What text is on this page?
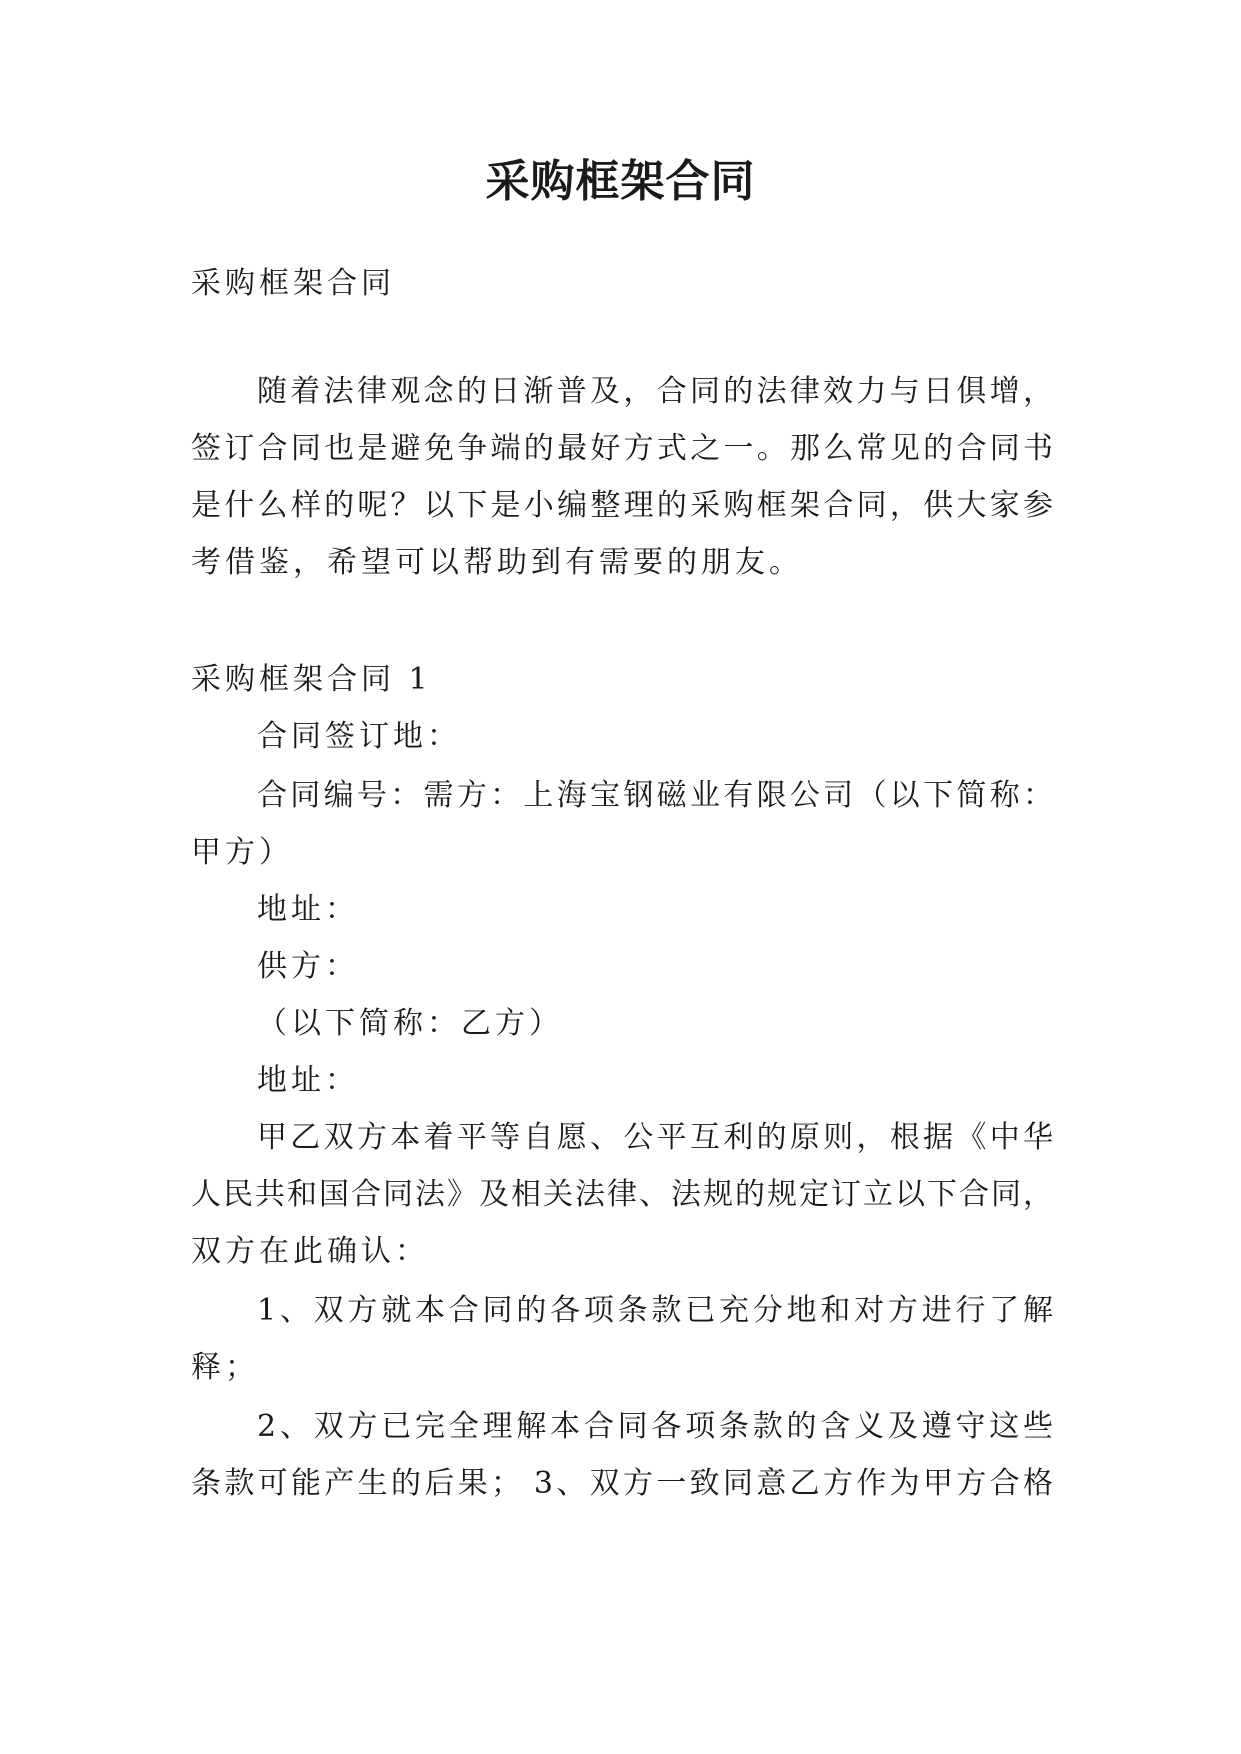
采购框架合同
采购框架合同
随着法律观念的日渐普及，合同的法律效力与日俱增，
签订合同也是避免争端的最好方式之一。那么常见的合同书
是什么样的呢？以下是小编整理的采购框架合同，供大家参
考借鉴，希望可以帮助到有需要的朋友。
采购框架合同 1
合同签订地：
合同编号：需方：上海宝钢磁业有限公司（以下简称：
甲方）
地址：
供方：
（以下简称：乙方）
地址：
甲乙双方本着平等自愿、公平互利的原则，根据《中华
人民共和国合同法》及相关法律、法规的规定订立以下合同，
双方在此确认：
1、双方就本合同的各项条款已充分地和对方进行了解
释；
2、双方已完全理解本合同各项条款的含义及遵守这些
条款可能产生的后果； 3、双方一致同意乙方作为甲方合格
